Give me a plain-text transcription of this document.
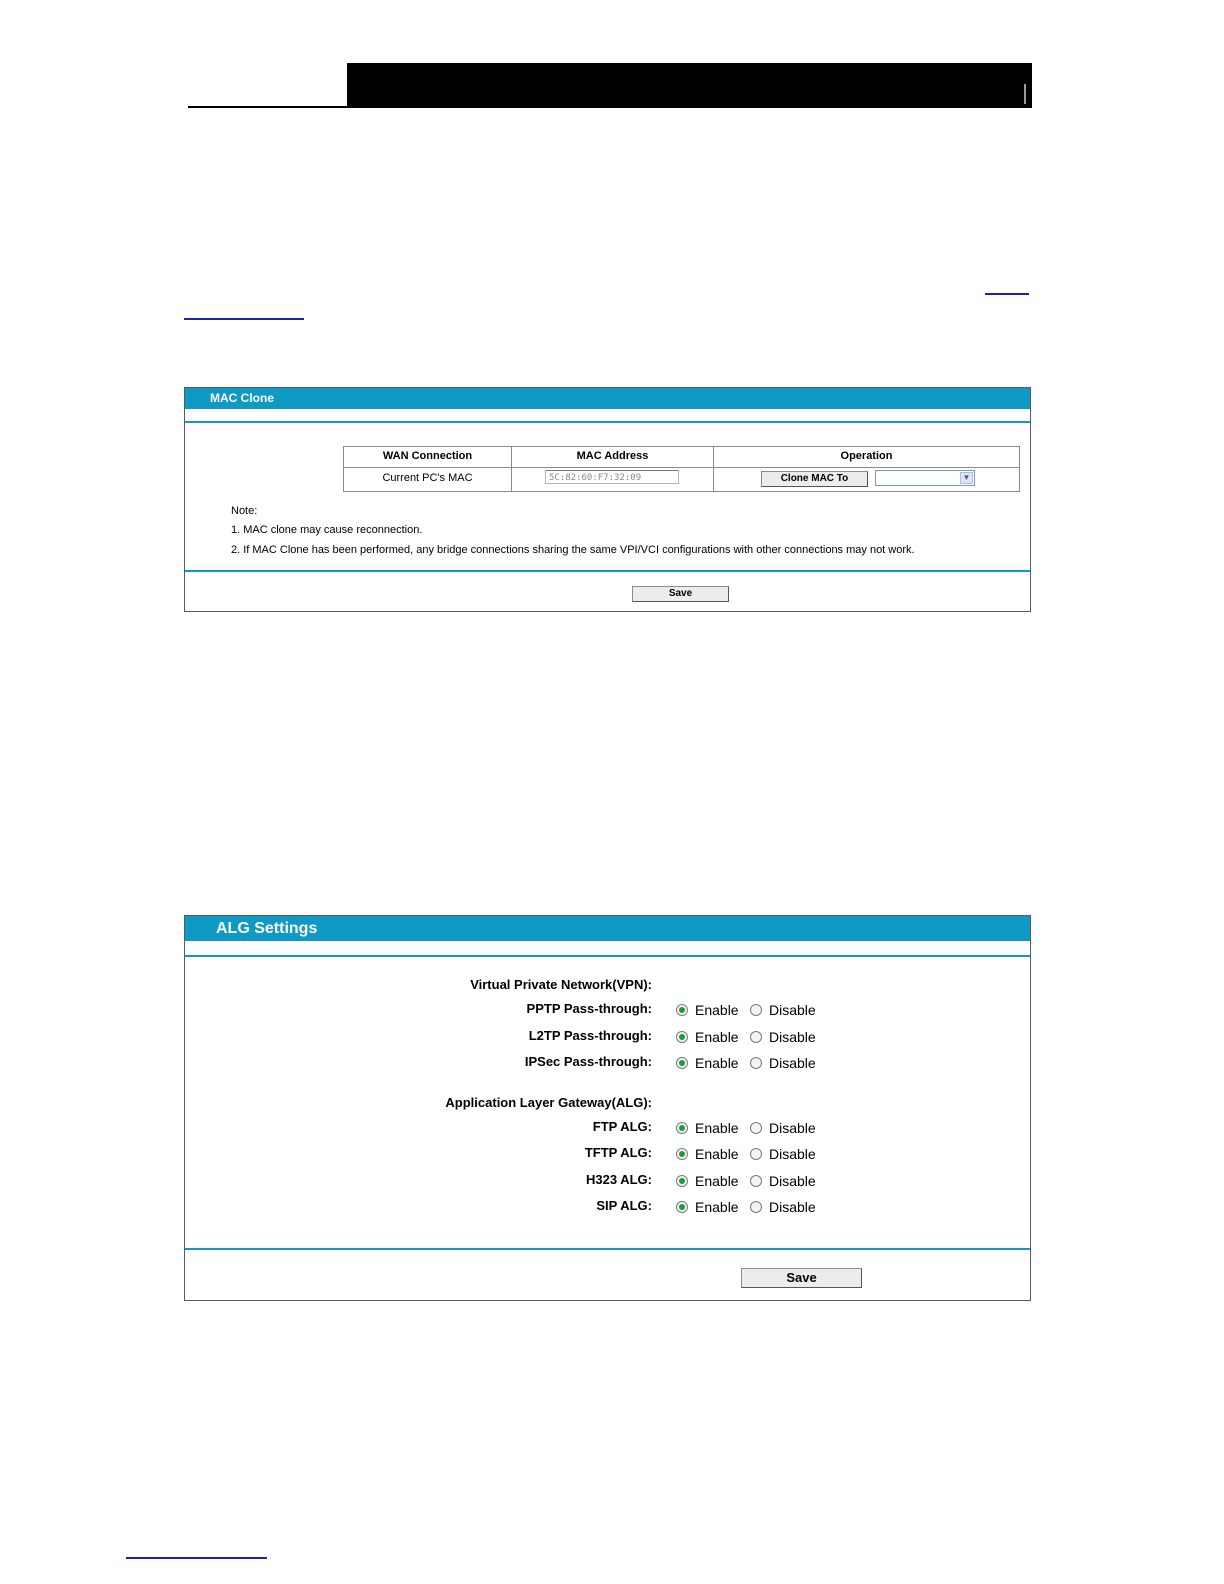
MAC Clone
WAN Connection	MAC Address	Operation
Current PC's MAC	5C:82:60:F7:32:09	Clone MAC To	▼
Note:
1. MAC clone may cause reconnection.
2. If MAC Clone has been performed, any bridge connections sharing the same VPI/VCI configurations with other connections may not work.
Save
ALG Settings
Virtual Private Network(VPN):
PPTP Pass-through:	Enable Disable
L2TP Pass-through:	Enable Disable
IPSec Pass-through:	Enable Disable
Application Layer Gateway(ALG):
FTP ALG:	Enable Disable
TFTP ALG:	Enable Disable
H323 ALG:	Enable Disable
SIP ALG:	Enable Disable
Save
